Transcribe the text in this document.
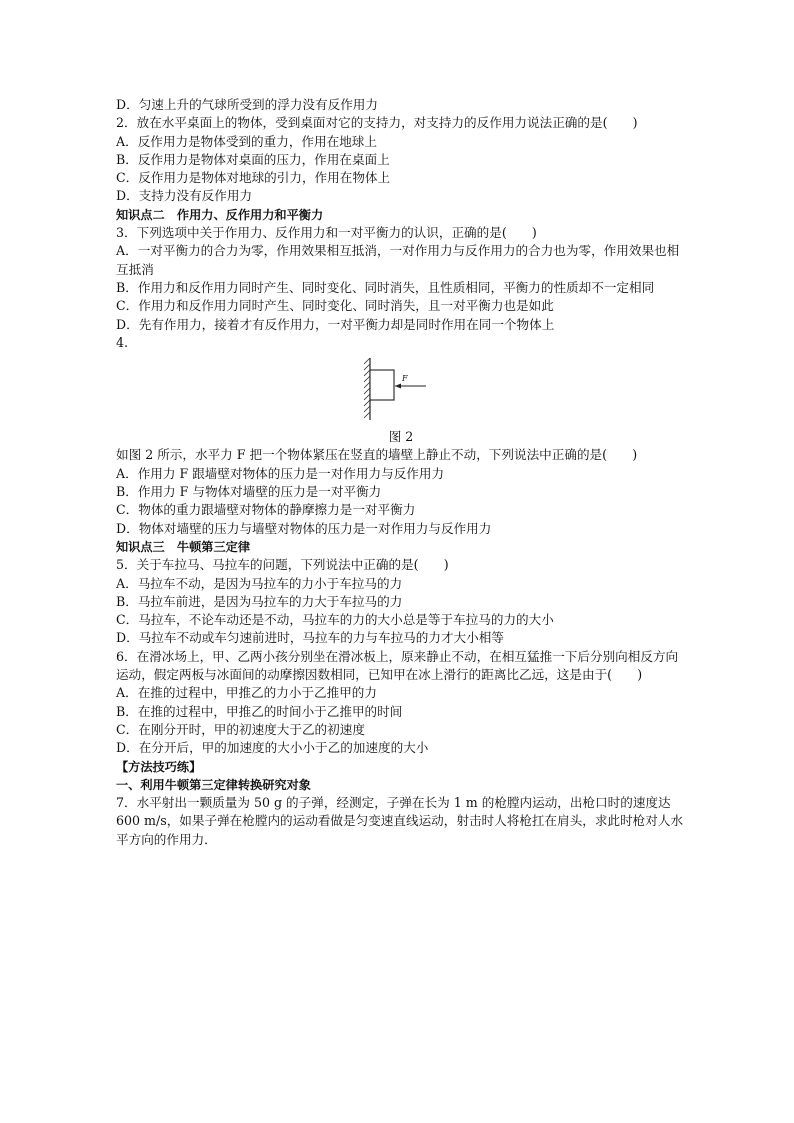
D．匀速上升的气球所受到的浮力没有反作用力
2．放在水平桌面上的物体，受到桌面对它的支持力，对支持力的反作用力说法正确的是(　　)
A．反作用力是物体受到的重力，作用在地球上
B．反作用力是物体对桌面的压力，作用在桌面上
C．反作用力是物体对地球的引力，作用在物体上
D．支持力没有反作用力
知识点二　作用力、反作用力和平衡力
3．下列选项中关于作用力、反作用力和一对平衡力的认识，正确的是(　　)
A．一对平衡力的合力为零，作用效果相互抵消，一对作用力与反作用力的合力也为零，作用效果也相互抵消
B．作用力和反作用力同时产生、同时变化、同时消失，且性质相同，平衡力的性质却不一定相同
C．作用力和反作用力同时产生、同时变化、同时消失，且一对平衡力也是如此
D．先有作用力，接着才有反作用力，一对平衡力却是同时作用在同一个物体上
4.
F
图 2
如图 2 所示，水平力 F 把一个物体紧压在竖直的墙壁上静止不动，下列说法中正确的是(　　)
A．作用力 F 跟墙壁对物体的压力是一对作用力与反作用力
B．作用力 F 与物体对墙壁的压力是一对平衡力
C．物体的重力跟墙壁对物体的静摩擦力是一对平衡力
D．物体对墙壁的压力与墙壁对物体的压力是一对作用力与反作用力
知识点三　牛顿第三定律
5．关于车拉马、马拉车的问题，下列说法中正确的是(　　)
A．马拉车不动，是因为马拉车的力小于车拉马的力
B．马拉车前进，是因为马拉车的力大于车拉马的力
C．马拉车，不论车动还是不动，马拉车的力的大小总是等于车拉马的力的大小
D．马拉车不动或车匀速前进时，马拉车的力与车拉马的力才大小相等
6．在滑冰场上，甲、乙两小孩分别坐在滑冰板上，原来静止不动，在相互猛推一下后分别向相反方向运动，假定两板与冰面间的动摩擦因数相同，已知甲在冰上滑行的距离比乙远，这是由于(　　)
A．在推的过程中，甲推乙的力小于乙推甲的力
B．在推的过程中，甲推乙的时间小于乙推甲的时间
C．在刚分开时，甲的初速度大于乙的初速度
D．在分开后，甲的加速度的大小小于乙的加速度的大小
【方法技巧练】
一、利用牛顿第三定律转换研究对象
7．水平射出一颗质量为 50 g 的子弹，经测定，子弹在长为 1 m 的枪膛内运动，出枪口时的速度达 600 m/s，如果子弹在枪膛内的运动看做是匀变速直线运动，射击时人将枪扛在肩头，求此时枪对人水平方向的作用力．
